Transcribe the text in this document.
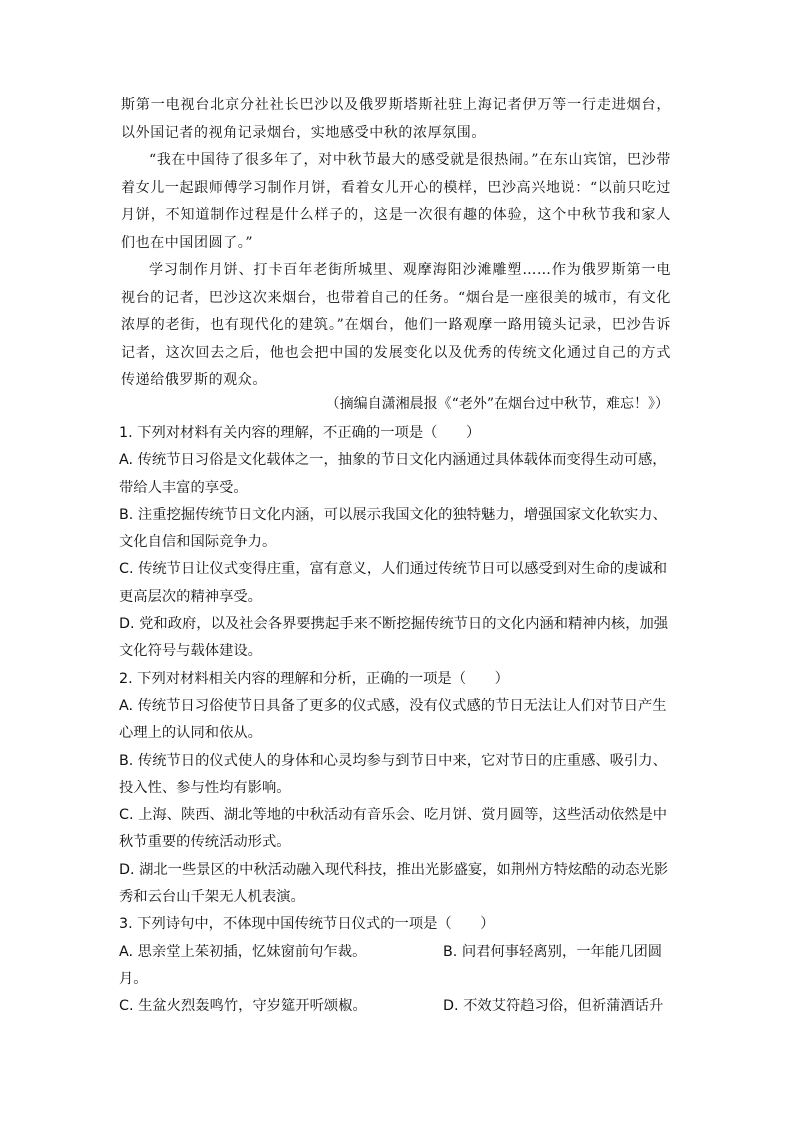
斯第一电视台北京分社社长巴沙以及俄罗斯塔斯社驻上海记者伊万等一行走进烟台，以外国记者的视角记录烟台，实地感受中秋的浓厚氛围。

“我在中国待了很多年了，对中秋节最大的感受就是很热闹。”在东山宾馆，巴沙带着女儿一起跟师傅学习制作月饼，看着女儿开心的模样，巴沙高兴地说：“以前只吃过月饼，不知道制作过程是什么样子的，这是一次很有趣的体验，这个中秋节我和家人们也在中国团圆了。”

学习制作月饼、打卡百年老街所城里、观摩海阳沙滩雕塑……作为俄罗斯第一电视台的记者，巴沙这次来烟台，也带着自己的任务。“烟台是一座很美的城市，有文化浓厚的老街，也有现代化的建筑。”在烟台，他们一路观摩一路用镜头记录，巴沙告诉记者，这次回去之后，他也会把中国的发展变化以及优秀的传统文化通过自己的方式传递给俄罗斯的观众。

（摘编自潇湘晨报《“老外”在烟台过中秋节，难忘！》）

1. 下列对材料有关内容的理解，不正确的一项是（　　）

A. 传统节日习俗是文化载体之一，抽象的节日文化内涵通过具体载体而变得生动可感，带给人丰富的享受。

B. 注重挖掘传统节日文化内涵，可以展示我国文化的独特魅力，增强国家文化软实力、文化自信和国际竞争力。

C. 传统节日让仪式变得庄重，富有意义，人们通过传统节日可以感受到对生命的虔诚和更高层次的精神享受。

D. 党和政府，以及社会各界要携起手来不断挖掘传统节日的文化内涵和精神内核，加强文化符号与载体建设。

2. 下列对材料相关内容的理解和分析，正确的一项是（　　）

A. 传统节日习俗使节日具备了更多的仪式感，没有仪式感的节日无法让人们对节日产生心理上的认同和依从。

B. 传统节日的仪式使人的身体和心灵均参与到节日中来，它对节日的庄重感、吸引力、投入性、参与性均有影响。

C. 上海、陕西、湖北等地的中秋活动有音乐会、吃月饼、赏月圆等，这些活动依然是中秋节重要的传统活动形式。

D. 湖北一些景区的中秋活动融入现代科技，推出光影盛宴，如荆州方特炫酷的动态光影秀和云台山千架无人机表演。

3. 下列诗句中，不体现中国传统节日仪式的一项是（　　）

A. 思亲堂上茱初插，忆妹窗前句乍裁。	B. 问君何事轻离别，一年能几团圆

月。

C. 生盆火烈轰鸣竹，守岁筵开听颂椒。	D. 不效艾符趋习俗，但祈蒲酒话升
